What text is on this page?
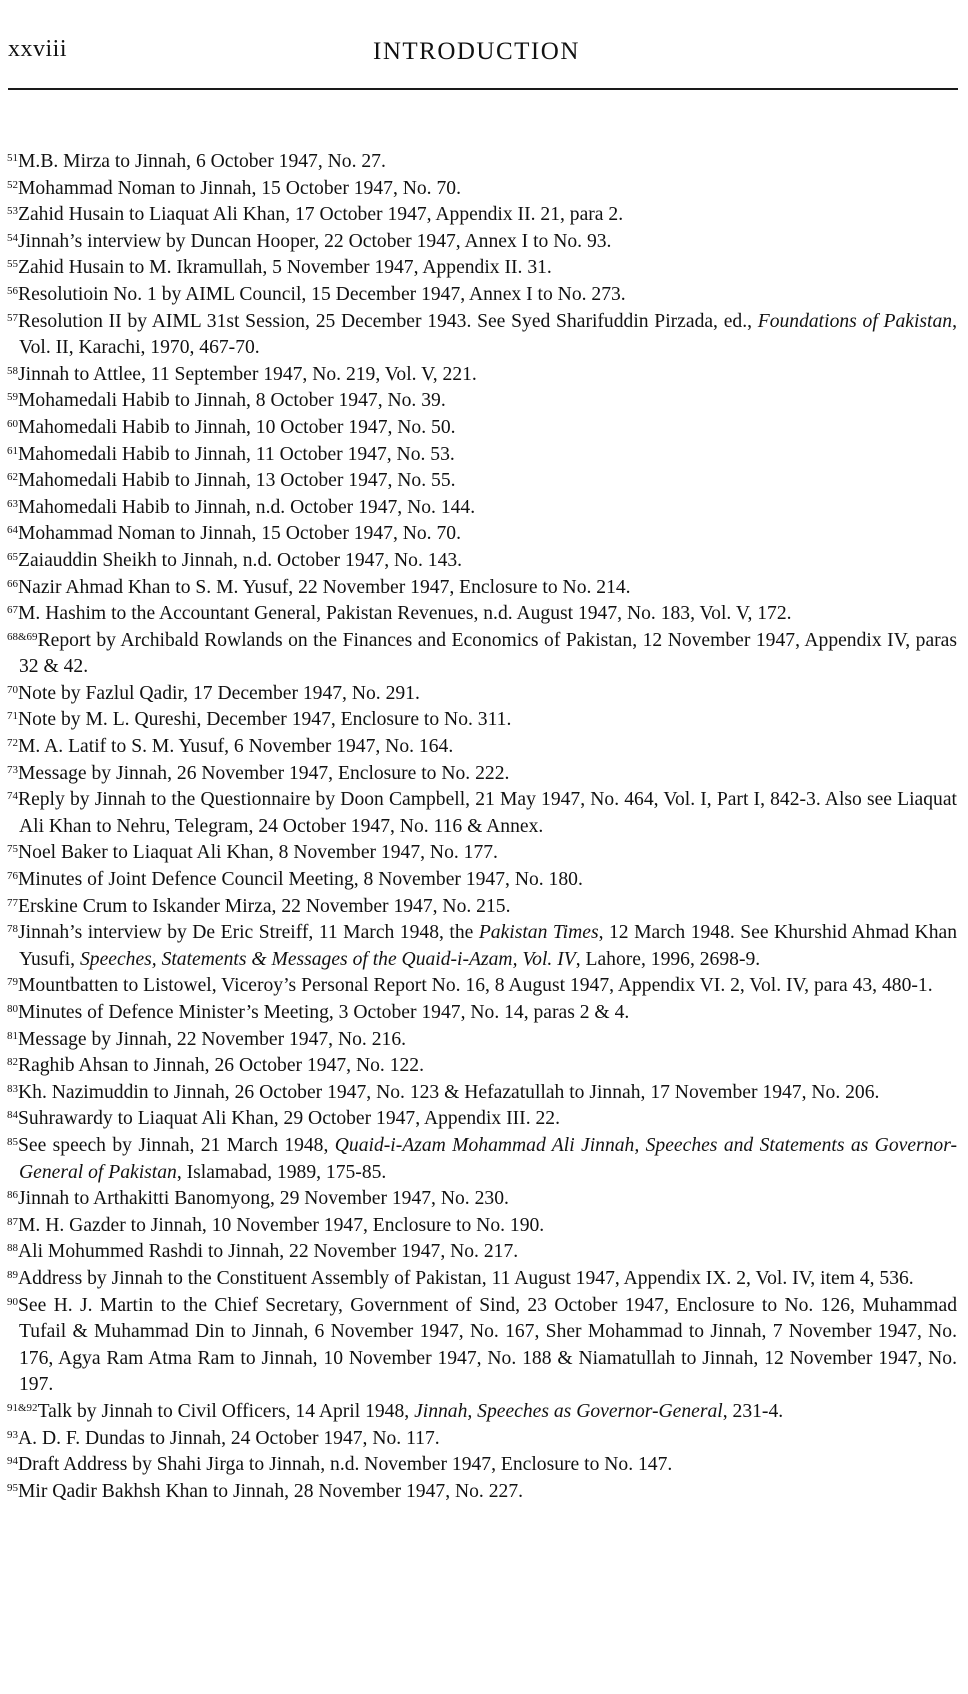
xxviii	INTRODUCTION

$^{51}$M.B. Mirza to Jinnah, 6 October 1947, No. 27.

$^{52}$Mohammad Noman to Jinnah, 15 October 1947, No. 70.

$^{53}$Zahid Husain to Liaquat Ali Khan, 17 October 1947, Appendix II. 21, para 2.

$^{54}$Jinnah’s interview by Duncan Hooper, 22 October 1947, Annex I to No. 93.

$^{55}$Zahid Husain to M. Ikramullah, 5 November 1947, Appendix II. 31.

$^{56}$Resolutioin No. 1 by AIML Council, 15 December 1947, Annex I to No. 273.

$^{57}$Resolution II by AIML 31st Session, 25 December 1943. See Syed Sharifuddin Pirzada, ed., Foundations of Pakistan, Vol. II, Karachi, 1970, 467-70.

$^{58}$Jinnah to Attlee, 11 September 1947, No. 219, Vol. V, 221.

$^{59}$Mohamedali Habib to Jinnah, 8 October 1947, No. 39.

$^{60}$Mahomedali Habib to Jinnah, 10 October 1947, No. 50.

$^{61}$Mahomedali Habib to Jinnah, 11 October 1947, No. 53.

$^{62}$Mahomedali Habib to Jinnah, 13 October 1947, No. 55.

$^{63}$Mahomedali Habib to Jinnah, n.d. October 1947, No. 144.

$^{64}$Mohammad Noman to Jinnah, 15 October 1947, No. 70.

$^{65}$Zaiauddin Sheikh to Jinnah, n.d. October 1947, No. 143.

$^{66}$Nazir Ahmad Khan to S. M. Yusuf, 22 November 1947, Enclosure to No. 214.

$^{67}$M. Hashim to the Accountant General, Pakistan Revenues, n.d. August 1947, No. 183, Vol. V, 172.

$^{68\&69}$Report by Archibald Rowlands on the Finances and Economics of Pakistan, 12 November 1947, Appendix IV, paras 32 & 42.

$^{70}$Note by Fazlul Qadir, 17 December 1947, No. 291.

$^{71}$Note by M. L. Qureshi, December 1947, Enclosure to No. 311.

$^{72}$M. A. Latif to S. M. Yusuf, 6 November 1947, No. 164.

$^{73}$Message by Jinnah, 26 November 1947, Enclosure to No. 222.

$^{74}$Reply by Jinnah to the Questionnaire by Doon Campbell, 21 May 1947, No. 464, Vol. I, Part I, 842-3. Also see Liaquat Ali Khan to Nehru, Telegram, 24 October 1947, No. 116 & Annex.

$^{75}$Noel Baker to Liaquat Ali Khan, 8 November 1947, No. 177.

$^{76}$Minutes of Joint Defence Council Meeting, 8 November 1947, No. 180.

$^{77}$Erskine Crum to Iskander Mirza, 22 November 1947, No. 215.

$^{78}$Jinnah’s interview by De Eric Streiff, 11 March 1948, the Pakistan Times, 12 March 1948. See Khurshid Ahmad Khan Yusufi, Speeches, Statements & Messages of the Quaid-i-Azam, Vol. IV, Lahore, 1996, 2698-9.

$^{79}$Mountbatten to Listowel, Viceroy’s Personal Report No. 16, 8 August 1947, Appendix VI. 2, Vol. IV, para 43, 480-1.

$^{80}$Minutes of Defence Minister’s Meeting, 3 October 1947, No. 14, paras 2 & 4.

$^{81}$Message by Jinnah, 22 November 1947, No. 216.

$^{82}$Raghib Ahsan to Jinnah, 26 October 1947, No. 122.

$^{83}$Kh. Nazimuddin to Jinnah, 26 October 1947, No. 123 & Hefazatullah to Jinnah, 17 November 1947, No. 206.

$^{84}$Suhrawardy to Liaquat Ali Khan, 29 October 1947, Appendix III. 22.

$^{85}$See speech by Jinnah, 21 March 1948, Quaid-i-Azam Mohammad Ali Jinnah, Speeches and Statements as Governor-General of Pakistan, Islamabad, 1989, 175-85.

$^{86}$Jinnah to Arthakitti Banomyong, 29 November 1947, No. 230.

$^{87}$M. H. Gazder to Jinnah, 10 November 1947, Enclosure to No. 190.

$^{88}$Ali Mohummed Rashdi to Jinnah, 22 November 1947, No. 217.

$^{89}$Address by Jinnah to the Constituent Assembly of Pakistan, 11 August 1947, Appendix IX. 2, Vol. IV, item 4, 536.

$^{90}$See H. J. Martin to the Chief Secretary, Government of Sind, 23 October 1947, Enclosure to No. 126, Muhammad Tufail & Muhammad Din to Jinnah, 6 November 1947, No. 167, Sher Mohammad to Jinnah, 7 November 1947, No. 176, Agya Ram Atma Ram to Jinnah, 10 November 1947, No. 188 & Niamatullah to Jinnah, 12 November 1947, No. 197.

$^{91\&92}$Talk by Jinnah to Civil Officers, 14 April 1948, Jinnah, Speeches as Governor-General, 231-4.

$^{93}$A. D. F. Dundas to Jinnah, 24 October 1947, No. 117.

$^{94}$Draft Address by Shahi Jirga to Jinnah, n.d. November 1947, Enclosure to No. 147.

$^{95}$Mir Qadir Bakhsh Khan to Jinnah, 28 November 1947, No. 227.
